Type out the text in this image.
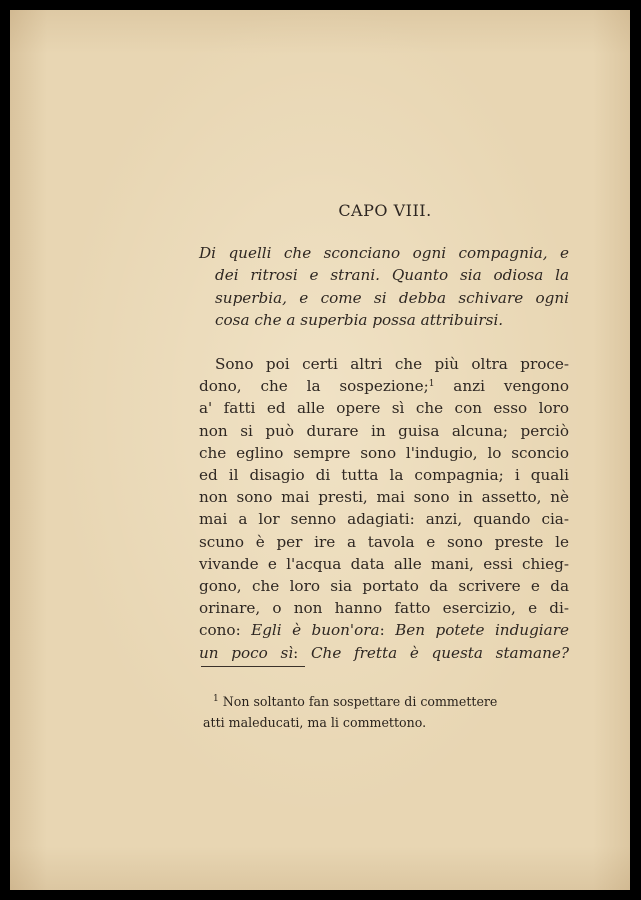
CAPO VIII.
Di quelli che sconciano ogni compagnia, e
dei ritrosi e strani. Quanto sia odiosa la
superbia, e come si debba schivare ogni
cosa che a superbia possa attribuirsi.
Sono poi certi altri che più oltra proce-
dono, che la sospezione;$^1$ anzi vengono
a' fatti ed alle opere sì che con esso loro
non si può durare in guisa alcuna; perciò
che eglino sempre sono l'indugio, lo sconcio
ed il disagio di tutta la compagnia; i quali
non sono mai presti, mai sono in assetto, nè
mai a lor senno adagiati: anzi, quando cia-
scuno è per ire a tavola e sono preste le
vivande e l'acqua data alle mani, essi chieg-
gono, che loro sia portato da scrivere e da
orinare, o non hanno fatto esercizio, e di-
cono: Egli è buon'ora: Ben potete indugiare
un poco sì: Che fretta è questa stamane?
$^1$ Non soltanto fan sospettare di commettere
atti maleducati, ma li commettono.
